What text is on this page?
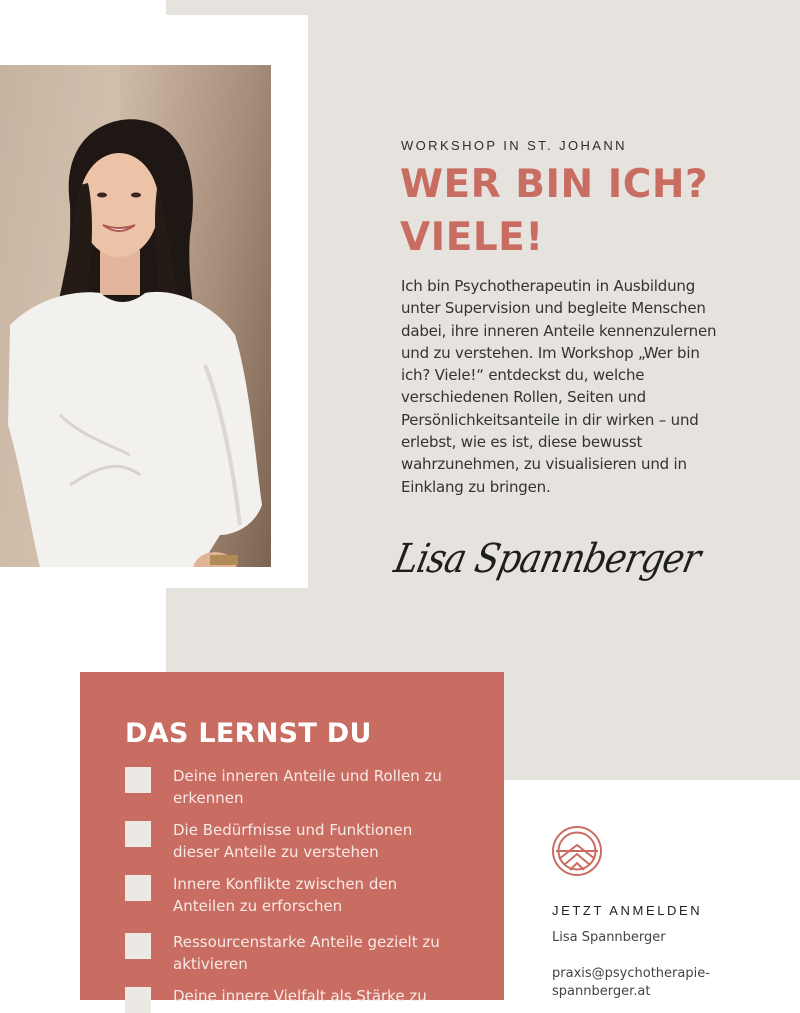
WORKSHOP IN ST. JOHANN
WER BIN ICH?
VIELE!
Ich bin Psychotherapeutin in Ausbildung unter Supervision und begleite Menschen dabei, ihre inneren Anteile kennenzulernen und zu verstehen. Im Workshop „Wer bin ich? Viele!“ entdeckst du, welche verschiedenen Rollen, Seiten und Persönlichkeitsanteile in dir wirken – und erlebst, wie es ist, diese bewusst wahrzunehmen, zu visualisieren und in Einklang zu bringen.
Lisa Spannberger
DAS LERNST DU
Deine inneren Anteile und Rollen zu erkennen
Die Bedürfnisse und Funktionen dieser Anteile zu verstehen
Innere Konflikte zwischen den Anteilen zu erforschen
Ressourcenstarke Anteile gezielt zu aktivieren
Deine innere Vielfalt als Stärke zu
JETZT ANMELDEN
Lisa Spannberger
praxis@psychotherapie-
spannberger.at
